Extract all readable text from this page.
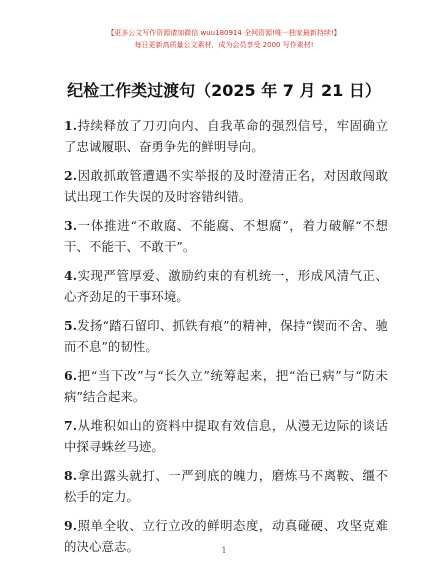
【更多公文写作资源请加微信 wuu180914 全网资源!唯一独家最新持续!】
每日更新高质量公文素材，成为会员享受 2000 写作素材!
纪检工作类过渡句（2025 年 7 月 21 日）

1.持续释放了刀刃向内、自我革命的强烈信号，牢固确立了忠诚履职、奋勇争先的鲜明导向。

2.因敢抓敢管遭遇不实举报的及时澄清正名，对因敢闯敢试出现工作失误的及时容错纠错。

3.一体推进“不敢腐、不能腐、不想腐”，着力破解“不想干、不能干、不敢干”。

4.实现严管厚爱、激励约束的有机统一，形成风清气正、心齐劲足的干事环境。

5.发扬“踏石留印、抓铁有痕”的精神，保持“锲而不舍、驰而不息”的韧性。

6.把“当下改”与“长久立”统筹起来，把“治已病”与“防未病”结合起来。

7.从堆积如山的资料中提取有效信息，从漫无边际的谈话中探寻蛛丝马迹。

8.拿出露头就打、一严到底的魄力，磨炼马不离鞍、缰不松手的定力。

9.照单全收、立行立改的鲜明态度，动真碰硬、攻坚克难的决心意志。	1
